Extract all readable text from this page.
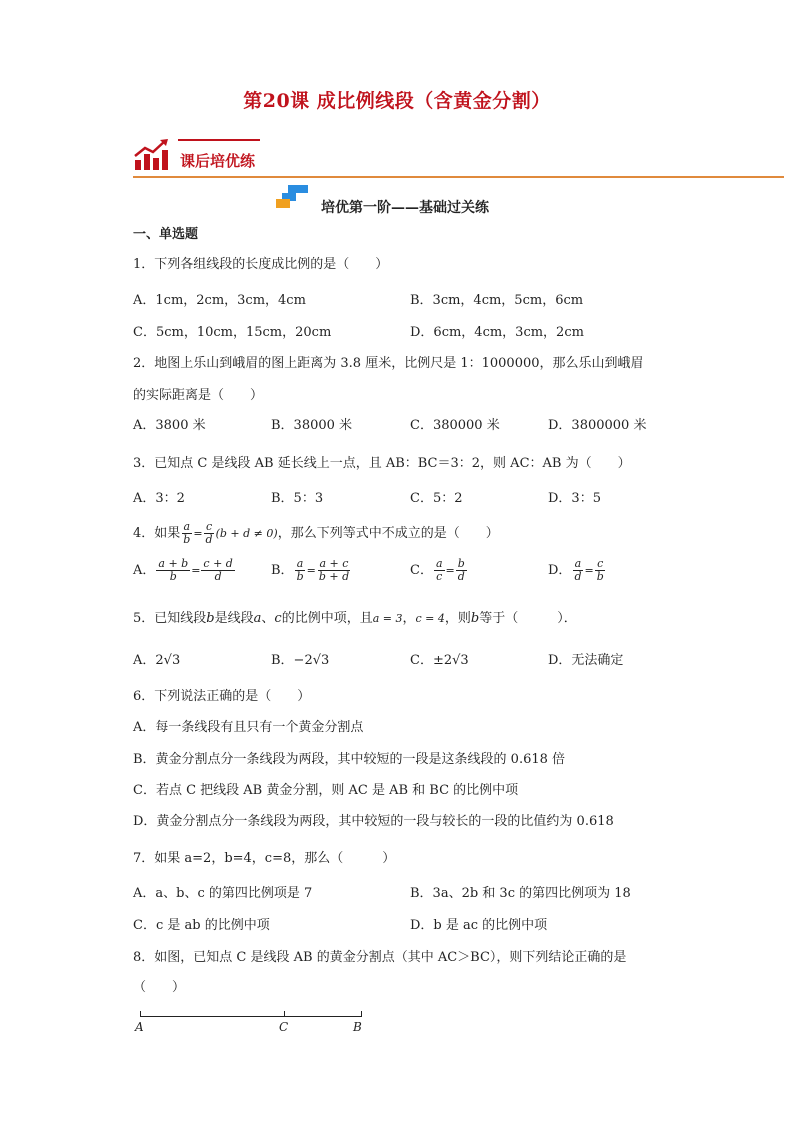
第20课 成比例线段（含黄金分割）
课后培优练
培优第一阶——基础过关练
一、单选题
1．下列各组线段的长度成比例的是（　　）
A．1cm，2cm，3cm，4cm	B．3cm，4cm，5cm，6cm
C．5cm，10cm，15cm，20cm	D．6cm，4cm，3cm，2cm
2．地图上乐山到峨眉的图上距离为 3.8 厘米，比例尺是 1：1000000，那么乐山到峨眉
的实际距离是（　　）
A．3800 米	B．38000 米	C．380000 米	D．3800000 米
3．已知点 C 是线段 AB 延长线上一点，且 AB：BC＝3：2，则 AC：AB 为（　　）
A．3：2	B．5：3	C．5：2	D．3：5
4．如果 $\frac{a}{b} = \frac{c}{d} (b + d \ne 0)$，那么下列等式中不成立的是（　　）
A． $\frac{a + b}{b} = \frac{c + d}{d}$	B． $\frac{a}{b} = \frac{a + c}{b + d}$	C． $\frac{a}{c} = \frac{b}{d}$	D． $\frac{a}{d} = \frac{c}{b}$
5．已知线段b是线段a、c的比例中项，且a = 3，c = 4，则b等于（　　　）．
A．2√3	B．−2√3	C．±2√3	D．无法确定
6．下列说法正确的是（　　）
A．每一条线段有且只有一个黄金分割点
B．黄金分割点分一条线段为两段，其中较短的一段是这条线段的 0.618 倍
C．若点 C 把线段 AB 黄金分割，则 AC 是 AB 和 BC 的比例中项
D．黄金分割点分一条线段为两段，其中较短的一段与较长的一段的比值约为 0.618
7．如果 a=2，b=4，c=8，那么（　　　）
A．a、b、c 的第四比例项是 7	B．3a、2b 和 3c 的第四比例项为 18
C．c 是 ab 的比例中项	D．b 是 ac 的比例中项
8．如图，已知点 C 是线段 AB 的黄金分割点（其中 AC＞BC），则下列结论正确的是
（　　）
A	C	B
